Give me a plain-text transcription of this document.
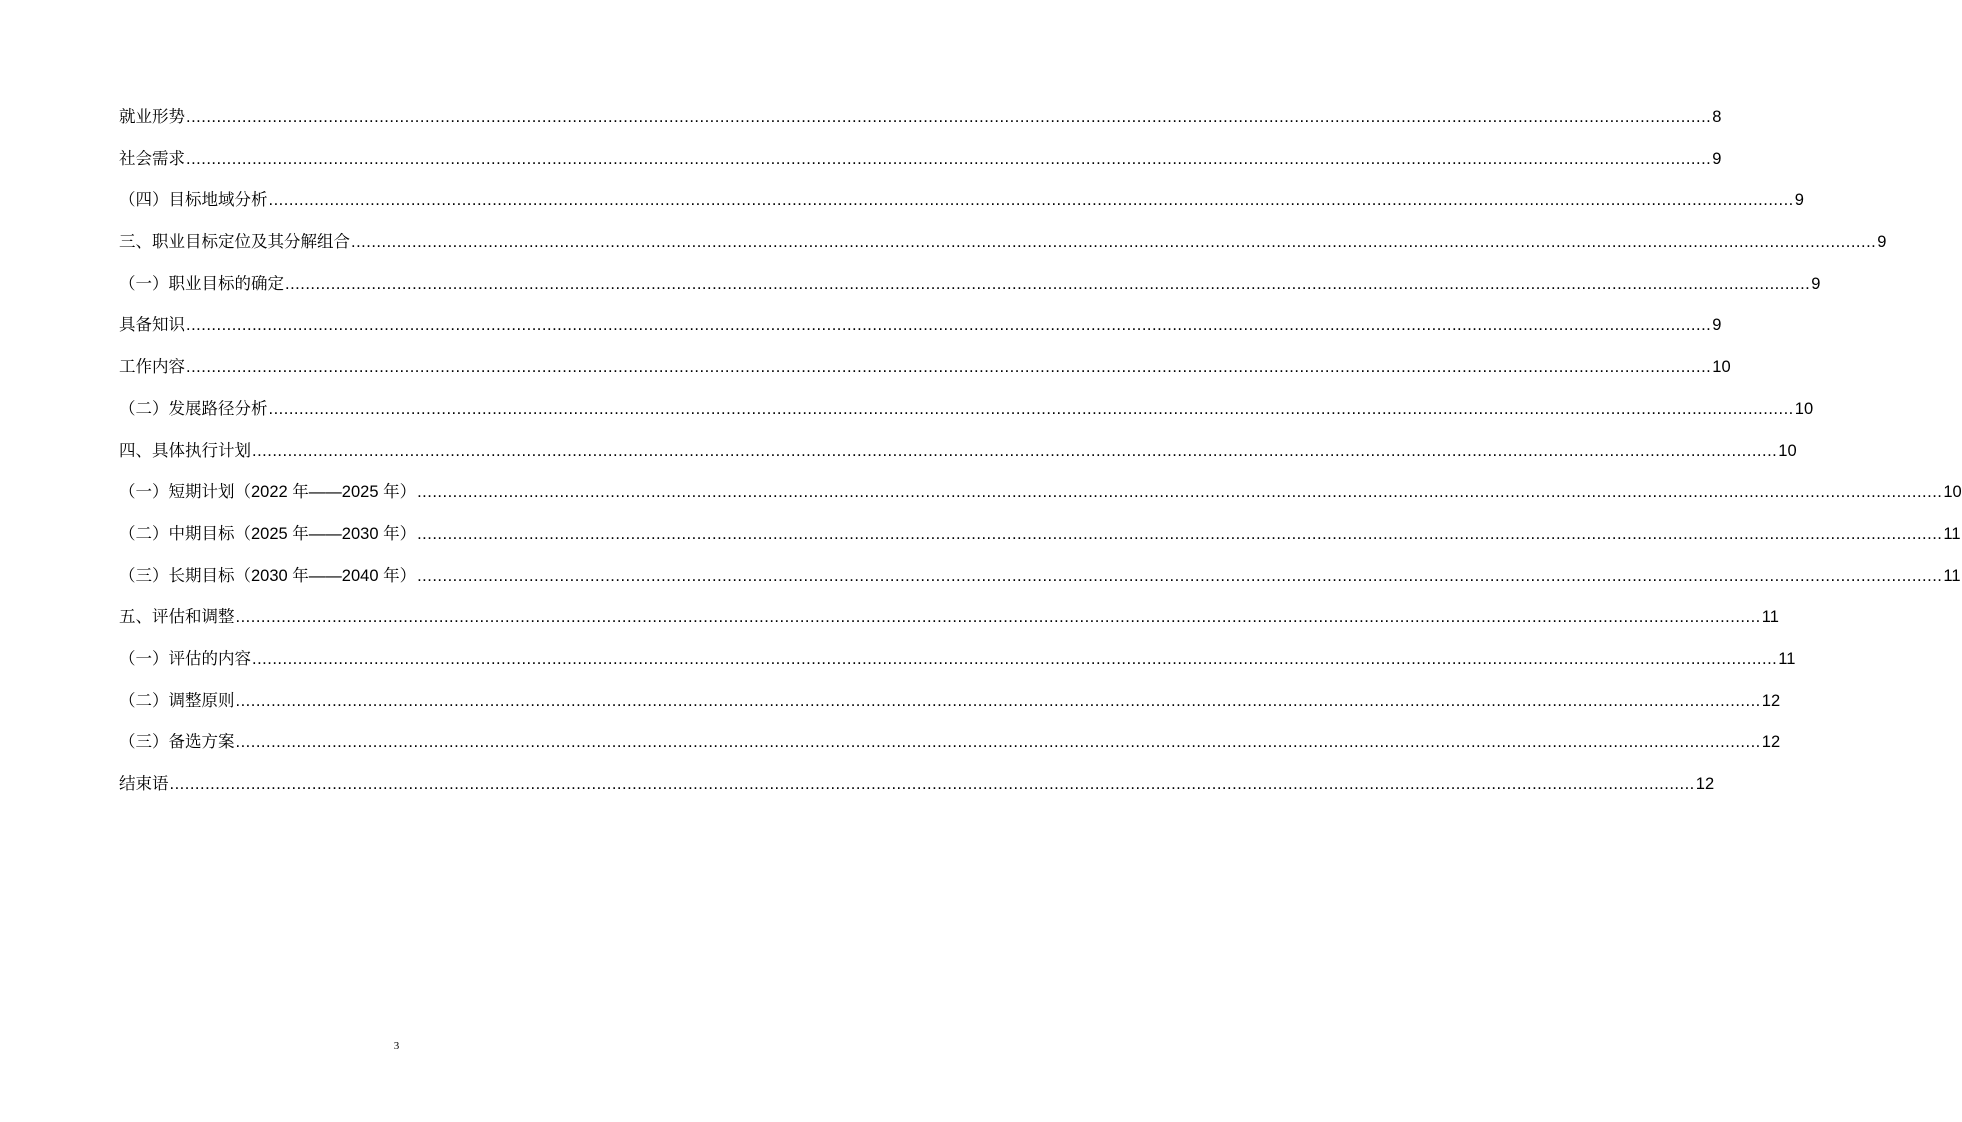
就业形势 ............................................................................................................................................................................................................................................................................................................ 8
社会需求 ............................................................................................................................................................................................................................................................................................................ 9
（四）目标地域分析 ............................................................................................................................................................................................................................................................................................................ 9
三、职业目标定位及其分解组合 ............................................................................................................................................................................................................................................................................................................ 9
（一）职业目标的确定 ............................................................................................................................................................................................................................................................................................................ 9
具备知识 ............................................................................................................................................................................................................................................................................................................ 9
工作内容 ............................................................................................................................................................................................................................................................................................................ 10
（二）发展路径分析 ............................................................................................................................................................................................................................................................................................................ 10
四、具体执行计划 ............................................................................................................................................................................................................................................................................................................ 10
（一）短期计划（2022 年——2025 年） ............................................................................................................................................................................................................................................................................................................ 10
（二）中期目标（2025 年——2030 年） ............................................................................................................................................................................................................................................................................................................ 11
（三）长期目标（2030 年——2040 年） ............................................................................................................................................................................................................................................................................................................ 11
五、评估和调整 ............................................................................................................................................................................................................................................................................................................ 11
（一）评估的内容 ............................................................................................................................................................................................................................................................................................................ 11
（二）调整原则 ............................................................................................................................................................................................................................................................................................................ 12
（三）备选方案 ............................................................................................................................................................................................................................................................................................................ 12
结束语 ............................................................................................................................................................................................................................................................................................................ 12
3
